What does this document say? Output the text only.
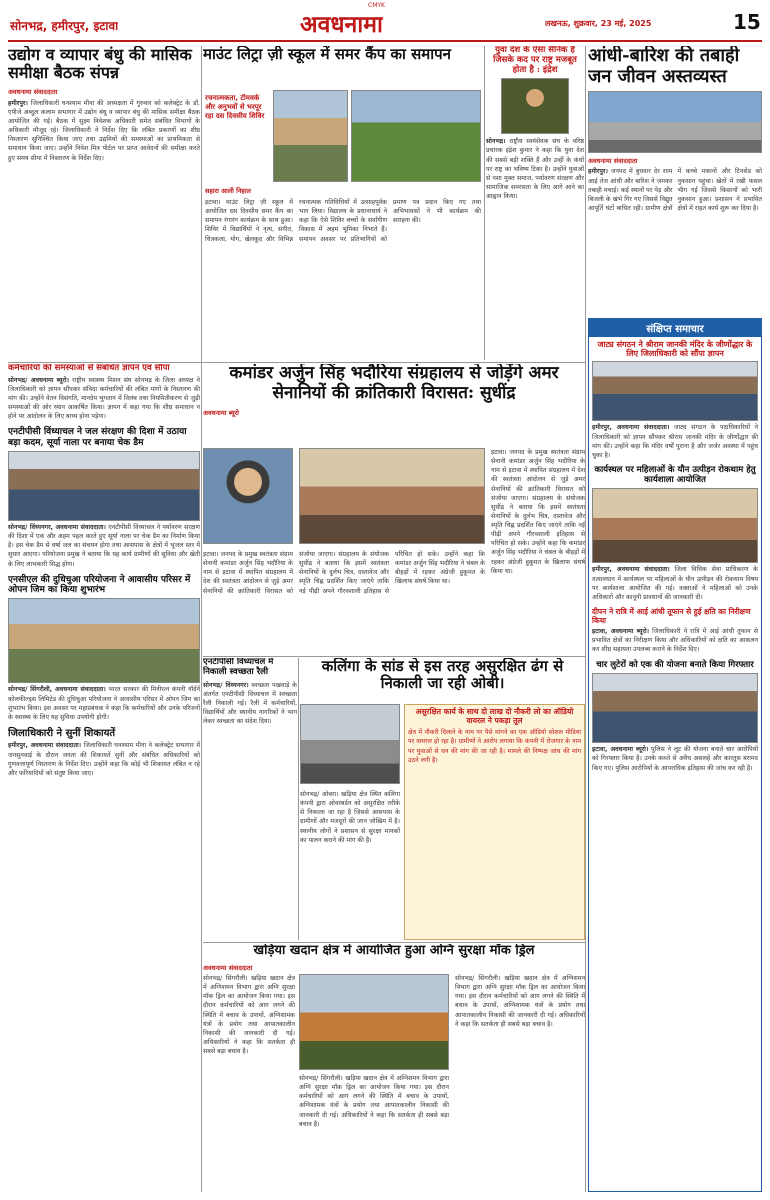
CMYK
सोनभद्र, हमीरपुर, इटावा	अवधनामा	लखनऊ, शुक्रवार, 23 मई, 2025	15
उद्योग व व्यापार बंधु की मासिक समीक्षा बैठक संपन्न
अवधनामा संवाददाता
हमीरपुर। जिलाधिकारी घनश्याम मीना की अध्यक्षता में गुरुवार को कलेक्ट्रेट के डॉ. एपीजे अब्दुल कलाम सभागार में उद्योग बंधु व व्यापार बंधु की मासिक समीक्षा बैठक आयोजित की गई। बैठक में सुक्ष्म निवेशक अधिकारी समेत संबंधित विभागों के अधिकारी मौजूद रहे। जिलाधिकारी ने निर्देश दिए कि लंबित प्रकरणों का शीघ्र निस्तारण सुनिश्चित किया जाए तथा उद्यमियों की समस्याओं का प्राथमिकता से समाधान किया जाए। उन्होंने निवेश मित्र पोर्टल पर प्राप्त आवेदनों की समीक्षा करते हुए समय सीमा में निस्तारण के निर्देश दिए।
माउंट लिट्रा ज़ी स्कूल में समर कैंप का समापन
रचनात्मकता, टीमवर्क और अनुभवों से भरपूर रहा दस दिवसीय शिविर
सहारा आली निहाल
इटावा। माउंट लिट्रा ज़ी स्कूल में आयोजित दस दिवसीय समर कैंप का समापन रंगारंग कार्यक्रम के साथ हुआ। शिविर में विद्यार्थियों ने नृत्य, संगीत, चित्रकला, योग, खेलकूद और विभिन्न रचनात्मक गतिविधियों में उत्साहपूर्वक भाग लिया। विद्यालय के प्रधानाचार्य ने कहा कि ऐसे शिविर बच्चों के सर्वांगीण विकास में अहम भूमिका निभाते हैं। समापन अवसर पर प्रतिभागियों को प्रमाण पत्र प्रदान किए गए तथा अभिभावकों ने भी कार्यक्रम की सराहना की।
युवा देश के ऐसा सैनिक है जिसके कद पर राष्ट्र मजबूत होता है : इंद्रेश
सोनभद्र। राष्ट्रीय स्वयंसेवक संघ के वरिष्ठ प्रचारक इंद्रेश कुमार ने कहा कि युवा देश की सबसे बड़ी शक्ति हैं और उन्हीं के कंधों पर राष्ट्र का भविष्य टिका है। उन्होंने युवाओं से नशा मुक्त समाज, पर्यावरण संरक्षण और सामाजिक समरसता के लिए आगे आने का आह्वान किया।
आंधी-बारिश की तबाही जन जीवन अस्तव्यस्त
अवधनामा संवाददाता
हमीरपुर। जनपद में बुधवार देर शाम आई तेज आंधी और बारिश ने जमकर तबाही मचाई। कई स्थानों पर पेड़ और बिजली के खंभे गिर गए जिससे विद्युत आपूर्ति घंटों बाधित रही। ग्रामीण क्षेत्रों में कच्चे मकानों और टिनशेड को नुकसान पहुंचा। खेतों में रखी फसल भीग गई जिससे किसानों को भारी नुकसान हुआ। प्रशासन ने प्रभावित क्षेत्रों में राहत कार्य शुरू कर दिया है।
संक्षिप्त समाचार
जाट्य संगठन ने श्रीराम जानकी मंदिर के जीर्णोद्धार के लिए जिलाधिकारी को सौंपा ज्ञापन
हमीरपुर, अवधनामा संवाददाता। जाट्य संगठन के पदाधिकारियों ने जिलाधिकारी को ज्ञापन सौंपकर श्रीराम जानकी मंदिर के जीर्णोद्धार की मांग की। उन्होंने कहा कि मंदिर वर्षों पुराना है और जर्जर अवस्था में पहुंच चुका है।
कार्यस्थल पर महिलाओं के यौन उत्पीड़न रोकथाम हेतु कार्यशाला आयोजित
हमीरपुर, अवधनामा संवाददाता। जिला विधिक सेवा प्राधिकरण के तत्वावधान में कार्यस्थल पर महिलाओं के यौन उत्पीड़न की रोकथाम विषय पर कार्यशाला आयोजित की गई। वक्ताओं ने महिलाओं को उनके अधिकारों और कानूनी प्रावधानों की जानकारी दी।
दीपन ने रात्रि में आई आंधी तूफान से हुई क्षति का निरीक्षण किया
इटावा, अवधनामा ब्यूरो। जिलाधिकारी ने रात्रि में आई आंधी तूफान से प्रभावित क्षेत्रों का निरीक्षण किया और अधिकारियों को क्षति का आकलन कर शीघ्र सहायता उपलब्ध कराने के निर्देश दिए।
चार लुटेरों को एक की योजना बनाते किया गिरफ्तार
इटावा, अवधनामा ब्यूरो। पुलिस ने लूट की योजना बनाते चार आरोपियों को गिरफ्तार किया है। उनके कब्जे से अवैध असलहे और कारतूस बरामद किए गए। पुलिस आरोपियों के आपराधिक इतिहास की जांच कर रही है।
कर्मचारियों की समस्याओं से संबंधित ज्ञापन एवं सौंपा
सोनभद्र/ अवधनामा ब्यूरो। राष्ट्रीय स्वास्थ्य मिशन संघ सोनभद्र के जिला अध्यक्ष ने जिलाधिकारी को ज्ञापन सौंपकर संविदा कर्मचारियों की लंबित मांगों के निस्तारण की मांग की। उन्होंने वेतन विसंगति, मानदेय भुगतान में विलंब तथा नियमितीकरण से जुड़ी समस्याओं की ओर ध्यान आकर्षित किया। ज्ञापन में कहा गया कि शीघ्र समाधान न होने पर आंदोलन के लिए बाध्य होना पड़ेगा।
एनटीपीसी विंध्याचल ने जल संरक्षण की दिशा में उठाया बड़ा कदम, सूर्या नाला पर बनाया चेक डैम
सोनभद्र/ विंध्यनगर, अवधनामा संवाददाता। एनटीपीसी विंध्याचल ने पर्यावरण संरक्षण की दिशा में एक और अहम पहल करते हुए सूर्या नाला पर चेक डैम का निर्माण किया है। इस चेक डैम से वर्षा जल का संचयन होगा तथा आसपास के क्षेत्रों में भूजल स्तर में सुधार आएगा। परियोजना प्रमुख ने बताया कि यह कार्य ग्रामीणों की सुविधा और खेती के लिए लाभकारी सिद्ध होगा।
एनसीएल की दुधिचुआ परियोजना ने आवासीय परिसर में ओपन जिम का किया शुभारंभ
सोनभद्र/ सिंगरौली, अवधनामा संवाददाता। भारत सरकार की मिनीरत्न कंपनी नॉर्दर्न कोलफील्ड्स लिमिटेड की दुधिचुआ परियोजना ने आवासीय परिसर में ओपन जिम का शुभारंभ किया। इस अवसर पर महाप्रबंधक ने कहा कि कर्मचारियों और उनके परिजनों के स्वास्थ्य के लिए यह सुविधा उपयोगी होगी।
जिलाधिकारी ने सुनीं शिकायतें
हमीरपुर, अवधनामा संवाददाता। जिलाधिकारी घनश्याम मीना ने कलेक्ट्रेट सभागार में जनसुनवाई के दौरान जनता की शिकायतें सुनीं और संबंधित अधिकारियों को गुणवत्तापूर्ण निस्तारण के निर्देश दिए। उन्होंने कहा कि कोई भी शिकायत लंबित न रहे और फरियादियों को संतुष्ट किया जाए।
कमांडर अर्जुन सिंह भदौरिया संग्रहालय से जोड़ेंगे अमर सेनानियों की क्रांतिकारी विरासत: सुधींद्र
अवधनामा ब्यूरो
इटावा। जनपद के प्रमुख स्वतंत्रता संग्राम सेनानी कमांडर अर्जुन सिंह भदौरिया के नाम से इटावा में स्थापित संग्रहालय में देश की स्वतंत्रता आंदोलन से जुड़े अमर सेनानियों की क्रांतिकारी विरासत को संजोया जाएगा। संग्रहालय के संयोजक सुधींद्र ने बताया कि इसमें स्वतंत्रता सेनानियों के दुर्लभ चित्र, दस्तावेज और स्मृति चिह्न प्रदर्शित किए जाएंगे ताकि नई पीढ़ी अपने गौरवशाली इतिहास से परिचित हो सके। उन्होंने कहा कि कमांडर अर्जुन सिंह भदौरिया ने चंबल के बीहड़ों में रहकर अंग्रेजी हुकूमत के खिलाफ संघर्ष किया था।
इटावा। जनपद के प्रमुख स्वतंत्रता संग्राम सेनानी कमांडर अर्जुन सिंह भदौरिया के नाम से इटावा में स्थापित संग्रहालय में देश की स्वतंत्रता आंदोलन से जुड़े अमर सेनानियों की क्रांतिकारी विरासत को संजोया जाएगा। संग्रहालय के संयोजक सुधींद्र ने बताया कि इसमें स्वतंत्रता सेनानियों के दुर्लभ चित्र, दस्तावेज और स्मृति चिह्न प्रदर्शित किए जाएंगे ताकि नई पीढ़ी अपने गौरवशाली इतिहास से परिचित हो सके। उन्होंने कहा कि कमांडर अर्जुन सिंह भदौरिया ने चंबल के बीहड़ों में रहकर अंग्रेजी हुकूमत के खिलाफ संघर्ष किया था।
एनटीपीसी विंध्याचल में निकाली स्वच्छता रैली
सोनभद्र/ विंध्यनगर। स्वच्छता पखवाड़े के अंतर्गत एनटीपीसी विंध्याचल में स्वच्छता रैली निकाली गई। रैली में कर्मचारियों, विद्यार्थियों और स्थानीय नागरिकों ने भाग लेकर स्वच्छता का संदेश दिया।
कलिंगा के सांड से इस तरह असुरक्षित ढंग से निकाली जा रही ओबी।
असुरक्षित कार्य के साथ दो लाख दो नौकरी लो का ऑडियो वायरल ने पकड़ा तूल
क्षेत्र में नौकरी दिलाने के नाम पर पैसे मांगने का एक ऑडियो सोशल मीडिया पर वायरल हो रहा है। ग्रामीणों ने आरोप लगाया कि कंपनी में रोजगार के नाम पर युवाओं से धन की मांग की जा रही है। मामले की निष्पक्ष जांच की मांग उठने लगी है।
सोनभद्र/ ओबरा। खड़िया क्षेत्र स्थित कलिंगा कंपनी द्वारा ओवरबर्डन को असुरक्षित तरीके से निकाला जा रहा है जिससे आसपास के ग्रामीणों और मजदूरों की जान जोखिम में है। स्थानीय लोगों ने प्रशासन से सुरक्षा मानकों का पालन कराने की मांग की है।
खड़िया खदान क्षेत्र में आयोजित हुआ अग्नि सुरक्षा मॉक ड्रिल
अवधनामा संवाददाता
सोनभद्र/ सिंगरौली। खड़िया खदान क्षेत्र में अग्निशमन विभाग द्वारा अग्नि सुरक्षा मॉक ड्रिल का आयोजन किया गया। इस दौरान कर्मचारियों को आग लगने की स्थिति में बचाव के उपायों, अग्निशामक यंत्रों के प्रयोग तथा आपातकालीन निकासी की जानकारी दी गई। अधिकारियों ने कहा कि सतर्कता ही सबसे बड़ा बचाव है।
सोनभद्र/ सिंगरौली। खड़िया खदान क्षेत्र में अग्निशमन विभाग द्वारा अग्नि सुरक्षा मॉक ड्रिल का आयोजन किया गया। इस दौरान कर्मचारियों को आग लगने की स्थिति में बचाव के उपायों, अग्निशामक यंत्रों के प्रयोग तथा आपातकालीन निकासी की जानकारी दी गई। अधिकारियों ने कहा कि सतर्कता ही सबसे बड़ा बचाव है।
सोनभद्र/ सिंगरौली। खड़िया खदान क्षेत्र में अग्निशमन विभाग द्वारा अग्नि सुरक्षा मॉक ड्रिल का आयोजन किया गया। इस दौरान कर्मचारियों को आग लगने की स्थिति में बचाव के उपायों, अग्निशामक यंत्रों के प्रयोग तथा आपातकालीन निकासी की जानकारी दी गई। अधिकारियों ने कहा कि सतर्कता ही सबसे बड़ा बचाव है।
